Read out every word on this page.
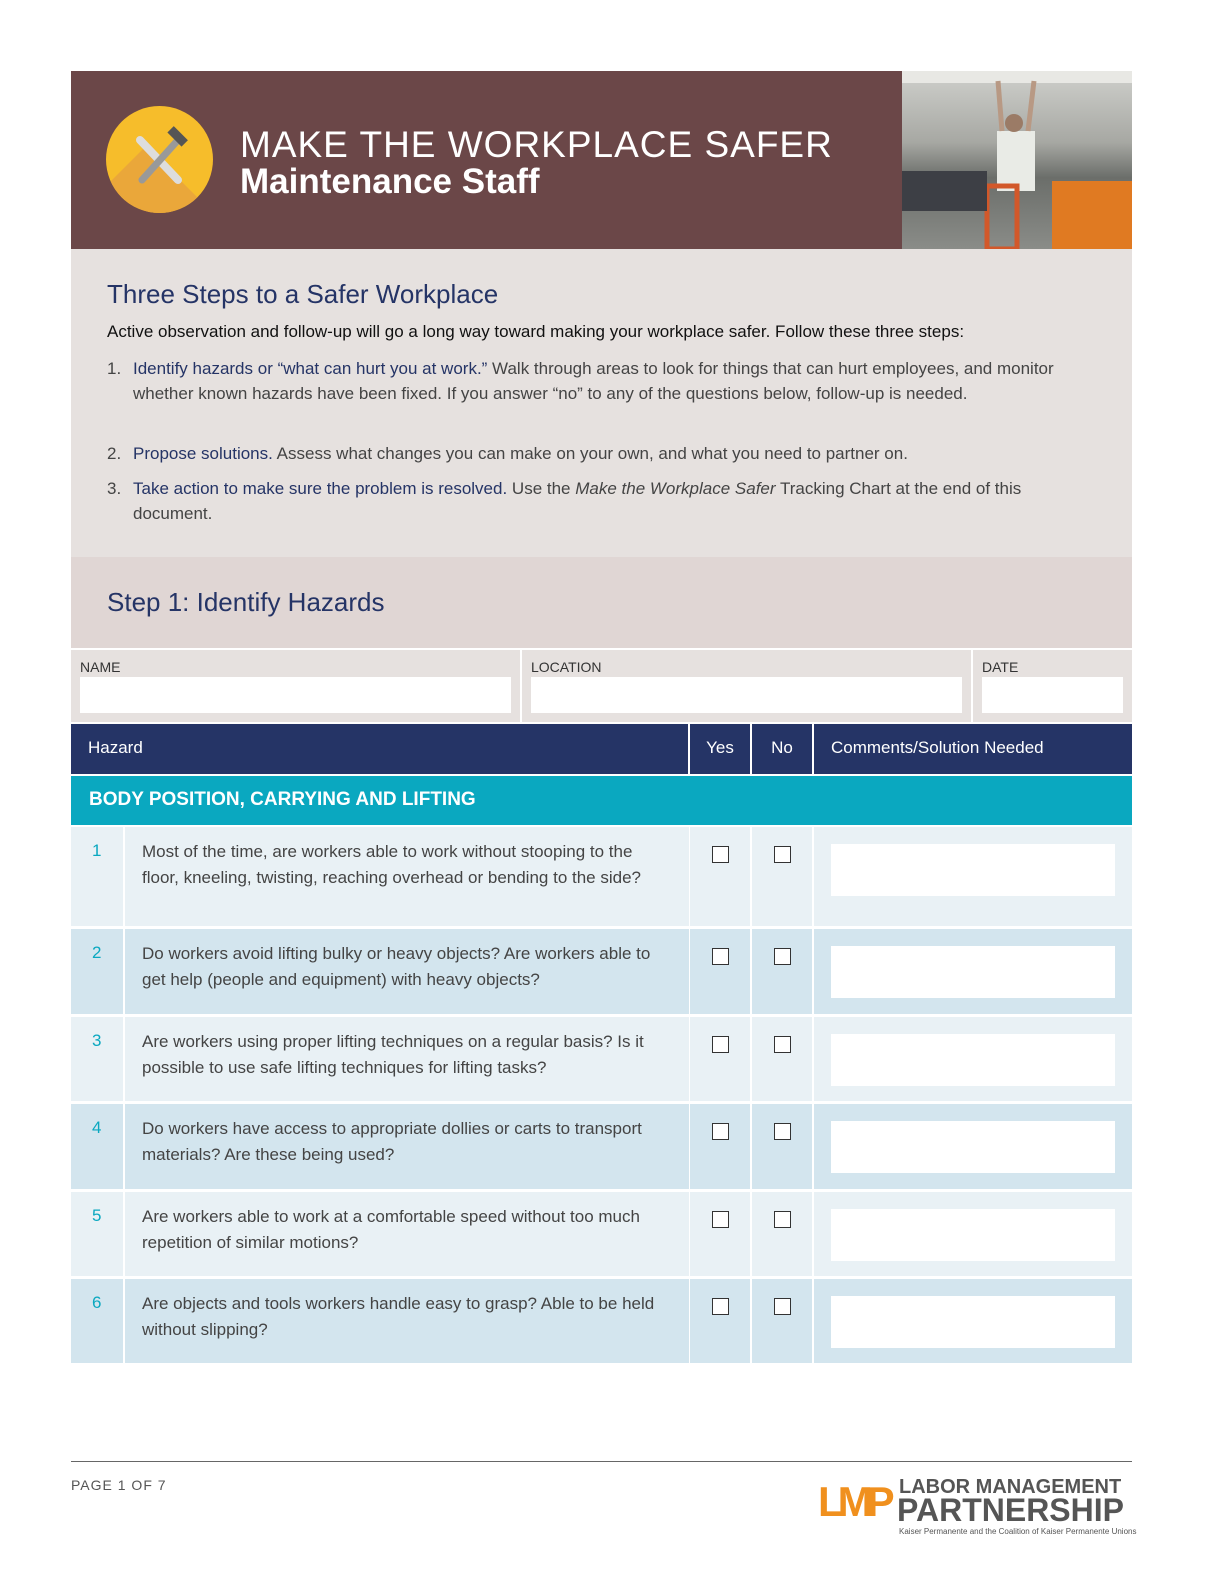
MAKE THE WORKPLACE SAFER
Maintenance Staff
Three Steps to a Safer Workplace
Active observation and follow-up will go a long way toward making your workplace safer. Follow these three steps:
1. Identify hazards or “what can hurt you at work.” Walk through areas to look for things that can hurt employees, and monitor whether known hazards have been fixed. If you answer “no” to any of the questions below, follow-up is needed.
2. Propose solutions. Assess what changes you can make on your own, and what you need to partner on.
3. Take action to make sure the problem is resolved. Use the Make the Workplace Safer Tracking Chart at the end of this document.
Step 1: Identify Hazards
NAME	LOCATION	DATE
Hazard	Yes	No	Comments/Solution Needed
BODY POSITION, CARRYING AND LIFTING
1	Most of the time, are workers able to work without stooping to the floor, kneeling, twisting, reaching overhead or bending to the side?
2	Do workers avoid lifting bulky or heavy objects? Are workers able to get help (people and equipment) with heavy objects?
3	Are workers using proper lifting techniques on a regular basis? Is it possible to use safe lifting techniques for lifting tasks?
4	Do workers have access to appropriate dollies or carts to transport materials? Are these being used?
5	Are workers able to work at a comfortable speed without too much repetition of similar motions?
6	Are objects and tools workers handle easy to grasp? Able to be held without slipping?
PAGE 1 OF 7	LMP LABOR MANAGEMENT
PARTNERSHIP
Kaiser Permanente and the Coalition of Kaiser Permanente Unions
